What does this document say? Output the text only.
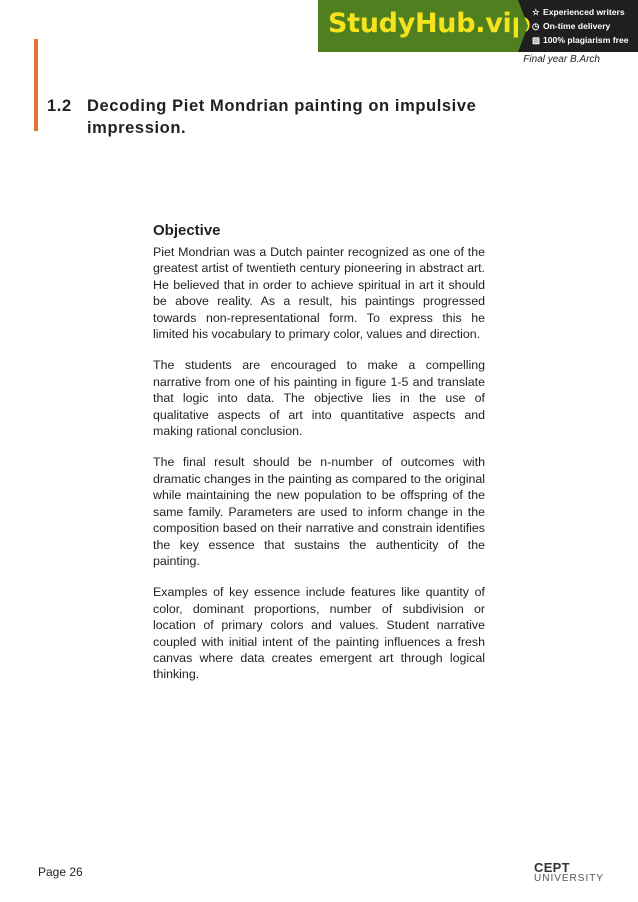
StudyHub.vip ☆ Experienced writers
◷ On-time delivery
▨ 100% plagiarism free
Final year B.Arch
1.2 Decoding Piet Mondrian painting on impulsive impression.
Objective

Piet Mondrian was a Dutch painter recognized as one of the greatest artist of twentieth century pioneering in abstract art. He believed that in order to achieve spiritual in art it should be above reality. As a result, his paintings progressed towards non-representational form. To express this he limited his vocabulary to primary color, values and direction.

The students are encouraged to make a compelling narrative from one of his painting in figure 1-5 and translate that logic into data. The objective lies in the use of qualitative aspects of art into quantitative aspects and making rational conclusion.

The final result should be n-number of outcomes with dramatic changes in the painting as compared to the original while maintaining the new population to be offspring of the same family. Parameters are used to inform change in the composition based on their narrative and constrain identifies the key essence that sustains the authenticity of the painting.

Examples of key essence include features like quantity of color, dominant proportions, number of subdivision or location of primary colors and values. Student narrative coupled with initial intent of the painting influences a fresh canvas where data creates emergent art through logical thinking.

Page 26	CEPT
UNIVERSITY
